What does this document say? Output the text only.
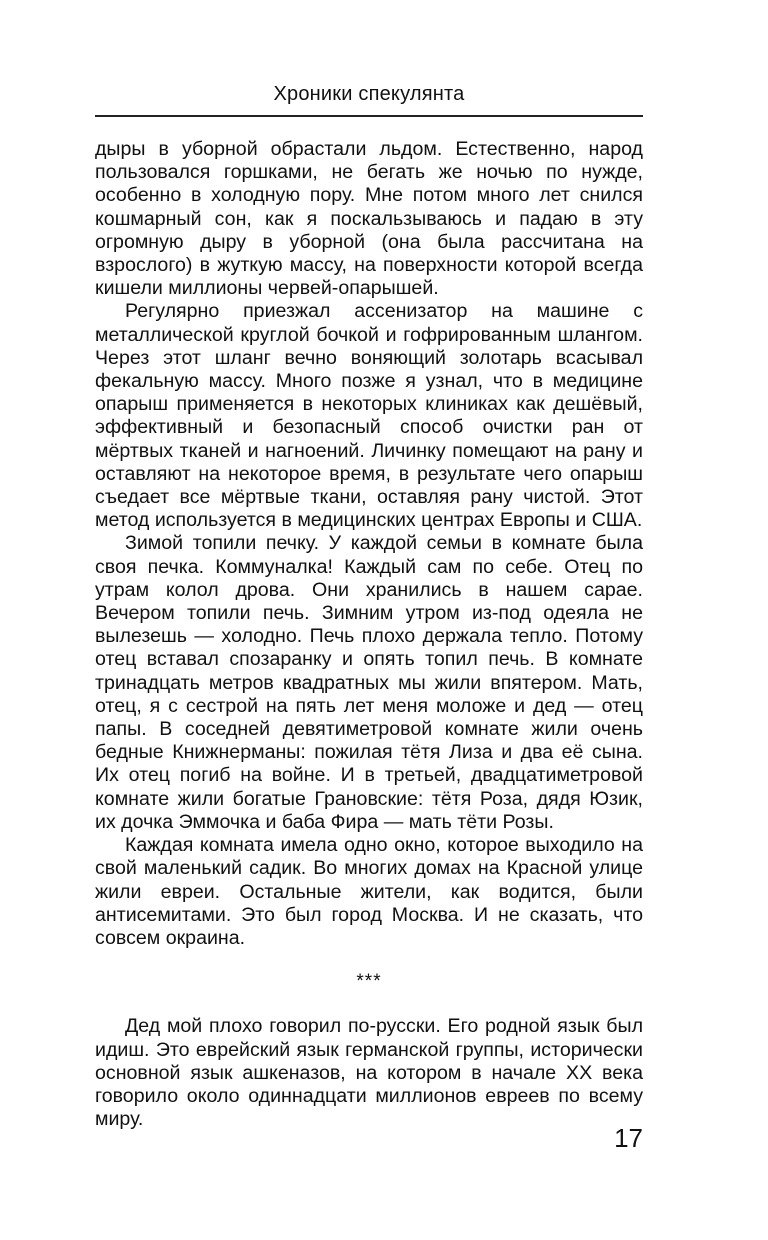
Хроники спекулянта

дыры в уборной обрастали льдом. Естественно, народ пользовался горшками, не бегать же ночью по нужде, особенно в холодную пору. Мне потом много лет снился кошмарный сон, как я поскальзываюсь и падаю в эту огромную дыру в уборной (она была рассчитана на взрослого) в жуткую массу, на поверхности которой всегда кишели миллионы червей-опарышей.

Регулярно приезжал ассенизатор на машине с металлической круглой бочкой и гофрированным шлангом. Через этот шланг вечно воняющий золотарь всасывал фекальную массу. Много позже я узнал, что в медицине опарыш применяется в некоторых клиниках как дешёвый, эффективный и безопасный способ очистки ран от мёртвых тканей и нагноений. Личинку помещают на рану и оставляют на некоторое время, в результате чего опарыш съедает все мёртвые ткани, оставляя рану чистой. Этот метод используется в медицинских центрах Европы и США.

Зимой топили печку. У каждой семьи в комнате была своя печка. Коммуналка! Каждый сам по себе. Отец по утрам колол дрова. Они хранились в нашем сарае. Вечером топили печь. Зимним утром из-под одеяла не вылезешь — холодно. Печь плохо держала тепло. Потому отец вставал спозаранку и опять топил печь. В комнате тринадцать метров квадратных мы жили впятером. Мать, отец, я с сестрой на пять лет меня моложе и дед — отец папы. В соседней девятиметровой комнате жили очень бедные Книжнерманы: пожилая тётя Лиза и два её сына. Их отец погиб на войне. И в третьей, двадцатиметровой комнате жили богатые Грановские: тётя Роза, дядя Юзик, их дочка Эммочка и баба Фира — мать тёти Розы.

Каждая комната имела одно окно, которое выходило на свой маленький садик. Во многих домах на Красной улице жили евреи. Остальные жители, как водится, были антисемитами. Это был город Москва. И не сказать, что совсем окраина.

***

Дед мой плохо говорил по-русски. Его родной язык был идиш. Это еврейский язык германской группы, исторически основной язык ашкеназов, на котором в начале XX века говорило около одиннадцати миллионов евреев по всему миру.

17
